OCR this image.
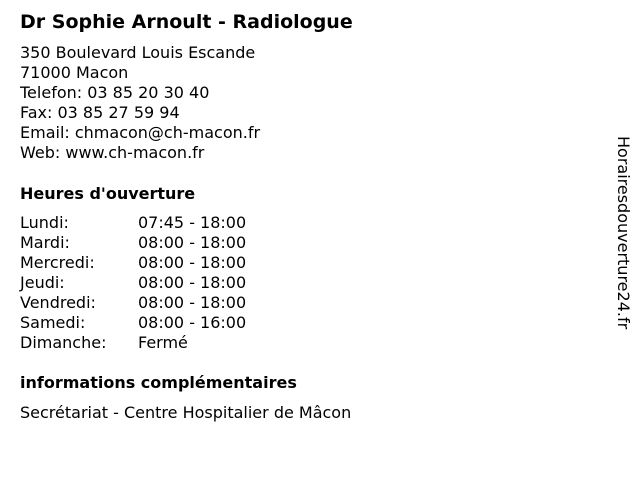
Dr Sophie Arnoult - Radiologue
350 Boulevard Louis Escande
71000 Macon
Telefon: 03 85 20 30 40
Fax: 03 85 27 59 94
Email: chmacon@ch-macon.fr
Web: www.ch-macon.fr
Heures d'ouverture
Lundi:	07:45 - 18:00
Mardi:	08:00 - 18:00
Mercredi:	08:00 - 18:00
Jeudi:	08:00 - 18:00
Vendredi:	08:00 - 18:00
Samedi:	08:00 - 16:00
Dimanche:	Fermé
informations complémentaires
Secrétariat - Centre Hospitalier de Mâcon
Horairesdouverture24.fr
